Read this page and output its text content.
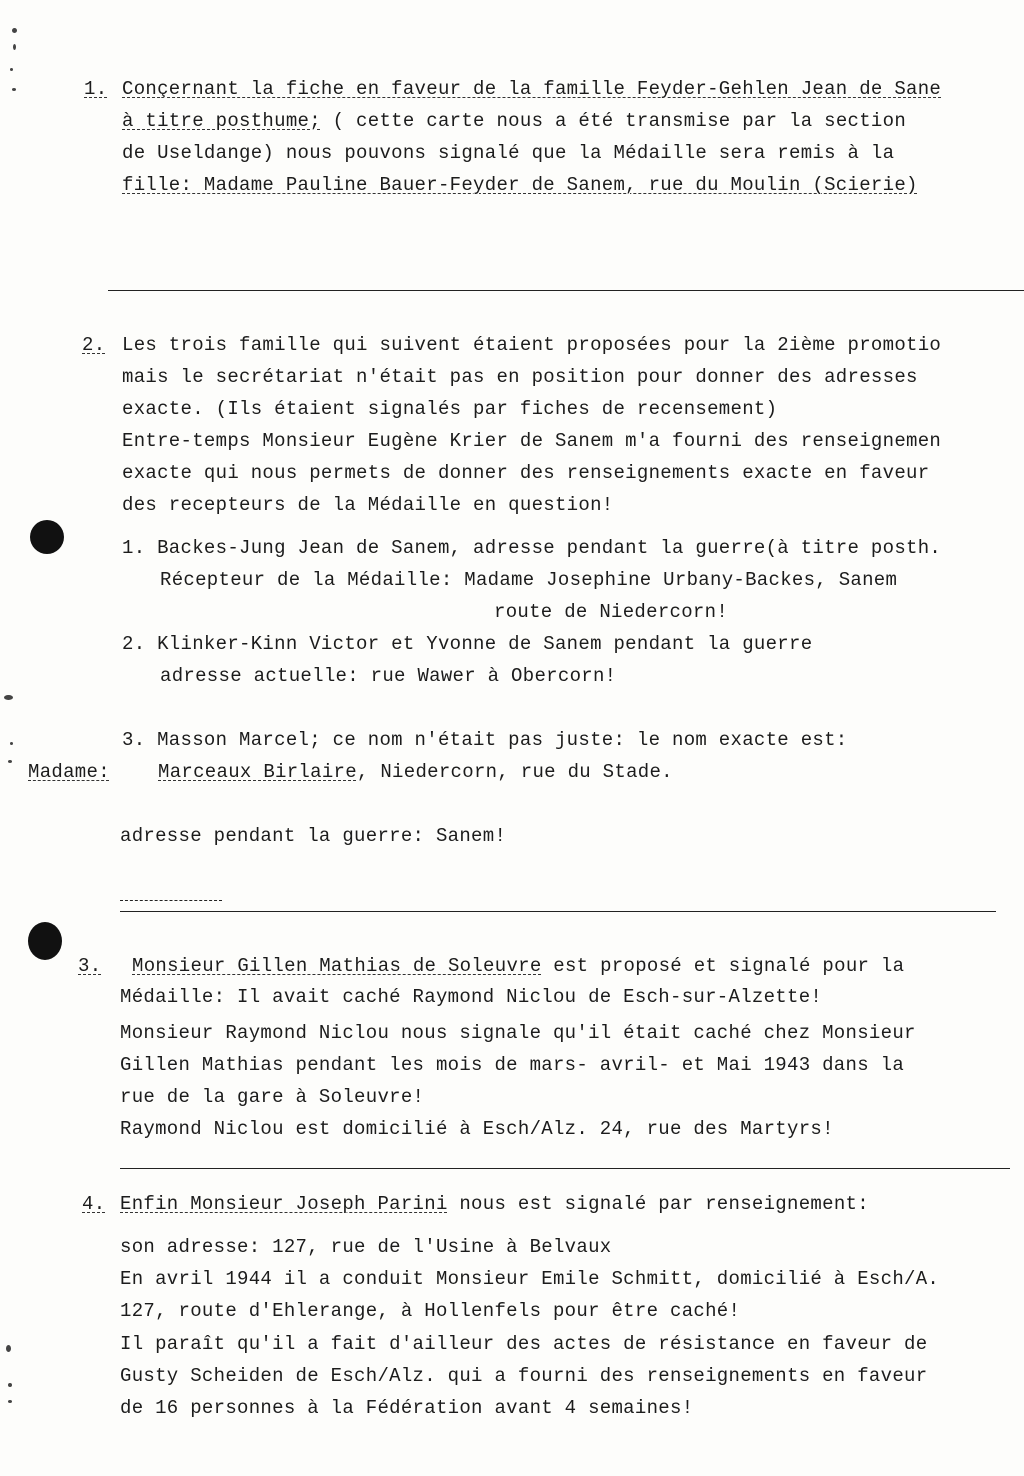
1. Conçernant la fiche en faveur de la famille Feyder-Gehlen Jean de Sane
à titre posthume; ( cette carte nous a été transmise par la section
de Useldange) nous pouvons signalé que la Médaille sera remis à la
fille: Madame Pauline Bauer-Feyder de Sanem, rue du Moulin (Scierie)
2. Les trois famille qui suivent étaient proposées pour la 2ième promotio
mais le secrétariat n'était pas en position pour donner des adresses
exacte. (Ils étaient signalés par fiches de recensement)
Entre-temps Monsieur Eugène Krier de Sanem m'a fourni des renseignemen
exacte qui nous permets de donner des renseignements exacte en faveur
des recepteurs de la Médaille en question!
1. Backes-Jung Jean de Sanem, adresse pendant la guerre(à titre posth.
Récepteur de la Médaille: Madame Josephine Urbany-Backes, Sanem
route de Niedercorn!
2. Klinker-Kinn Victor et Yvonne de Sanem pendant la guerre
adresse actuelle: rue Wawer à Obercorn!
3. Masson Marcel; ce nom n'était pas juste: le nom exacte est:
Madame:	Marceaux Birlaire, Niedercorn, rue du Stade.
adresse pendant la guerre: Sanem!
3. Monsieur Gillen Mathias de Soleuvre est proposé et signalé pour la
Médaille: Il avait caché Raymond Niclou de Esch-sur-Alzette!
Monsieur Raymond Niclou nous signale qu'il était caché chez Monsieur
Gillen Mathias pendant les mois de mars- avril- et Mai 1943 dans la
rue de la gare à Soleuvre!
Raymond Niclou est domicilié à Esch/Alz. 24, rue des Martyrs!
4. Enfin Monsieur Joseph Parini nous est signalé par renseignement:
son adresse: 127, rue de l'Usine à Belvaux
En avril 1944 il a conduit Monsieur Emile Schmitt, domicilié à Esch/A.
127, route d'Ehlerange, à Hollenfels pour être caché!
Il paraît qu'il a fait d'ailleur des actes de résistance en faveur de
Gusty Scheiden de Esch/Alz. qui a fourni des renseignements en faveur
de 16 personnes à la Fédération avant 4 semaines!
